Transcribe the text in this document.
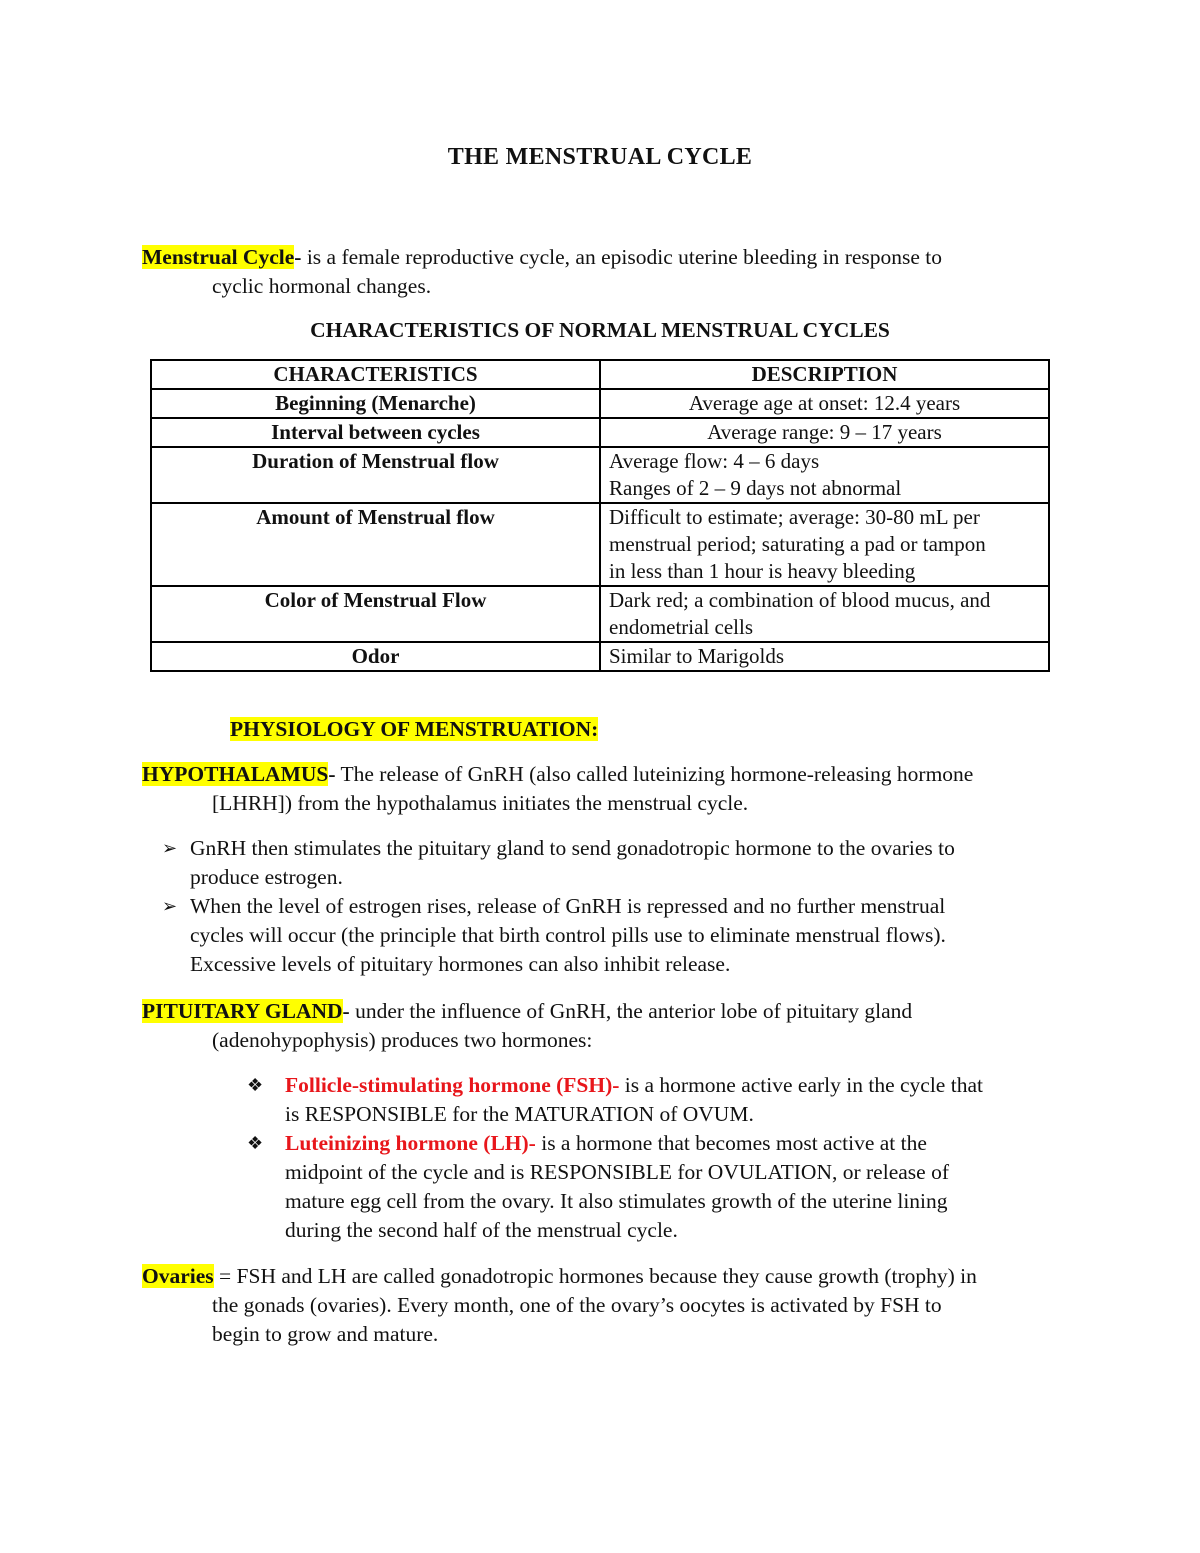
THE MENSTRUAL CYCLE
Menstrual Cycle- is a female reproductive cycle, an episodic uterine bleeding in response to
cyclic hormonal changes.
CHARACTERISTICS OF NORMAL MENSTRUAL CYCLES
CHARACTERISTICS	DESCRIPTION
Beginning (Menarche)	Average age at onset: 12.4 years
Interval between cycles	Average range: 9 – 17 years
Duration of Menstrual flow	Average flow: 4 – 6 days
Ranges of 2 – 9 days not abnormal

Amount of Menstrual flow	Difficult to estimate; average: 30-80 mL per
menstrual period; saturating a pad or tampon
in less than 1 hour is heavy bleeding

Color of Menstrual Flow	Dark red; a combination of blood mucus, and
endometrial cells

Odor	Similar to Marigolds
PHYSIOLOGY OF MENSTRUATION:
HYPOTHALAMUS- The release of GnRH (also called luteinizing hormone-releasing hormone
[LHRH]) from the hypothalamus initiates the menstrual cycle.
➢ GnRH then stimulates the pituitary gland to send gonadotropic hormone to the ovaries to
produce estrogen.
➢ When the level of estrogen rises, release of GnRH is repressed and no further menstrual
cycles will occur (the principle that birth control pills use to eliminate menstrual flows).
Excessive levels of pituitary hormones can also inhibit release.
PITUITARY GLAND- under the influence of GnRH, the anterior lobe of pituitary gland
(adenohypophysis) produces two hormones:
❖ Follicle-stimulating hormone (FSH)- is a hormone active early in the cycle that
is RESPONSIBLE for the MATURATION of OVUM.
❖ Luteinizing hormone (LH)- is a hormone that becomes most active at the
midpoint of the cycle and is RESPONSIBLE for OVULATION, or release of
mature egg cell from the ovary. It also stimulates growth of the uterine lining
during the second half of the menstrual cycle.
Ovaries = FSH and LH are called gonadotropic hormones because they cause growth (trophy) in
the gonads (ovaries). Every month, one of the ovary’s oocytes is activated by FSH to
begin to grow and mature.
